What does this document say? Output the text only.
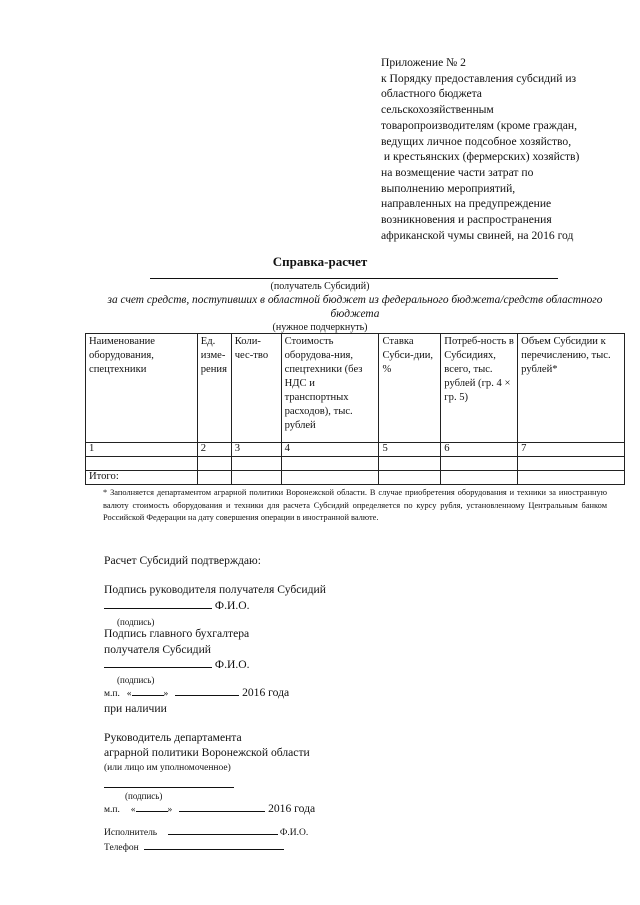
Приложение № 2
к Порядку предоставления субсидий из
областного бюджета
сельскохозяйственным
товаропроизводителям (кроме граждан,
ведущих личное подсобное хозяйство,
и крестьянских (фермерских) хозяйств)
на возмещение части затрат по
выполнению мероприятий,
направленных на предупреждение
возникновения и распространения
африканской чумы свиней, на 2016 год
Справка-расчет
(получатель Субсидий)
за счет средств, поступивших в областной бюджет из федерального бюджета/средств областного бюджета
(нужное подчеркнуть)
Наименование оборудования, спецтехники	Ед. изме-рения	Коли-чес-тво	Стоимость оборудова-ния, спецтехники (без НДС и транспортных расходов), тыс. рублей	Ставка Субси-дии, %	Потреб-ность в Субсидиях, всего, тыс. рублей (гр. 4 × гр. 5)	Объем Субсидии к перечислению, тыс. рублей*
1	2	3	4	5	6	7

Итого:						
* Заполняется департаментом аграрной политики Воронежской области. В случае приобретения оборудования и техники за иностранную валюту стоимость оборудования и техники для расчета Субсидий определяется по курсу рубля, установленному Центральным банком Российской Федерации на дату совершения операции в иностранной валюте.
Расчет Субсидий подтверждаю:
Подпись руководителя получателя Субсидий
Ф.И.О.
(подпись)
Подпись главного бухгалтера
получателя Субсидий
Ф.И.О.
(подпись)
м.п. «	»	2016 года
при наличии
Руководитель департамента
аграрной политики Воронежской области
(или лицо им уполномоченное)
(подпись)
м.п. «	»	2016 года
Исполнитель	Ф.И.О.
Телефон
